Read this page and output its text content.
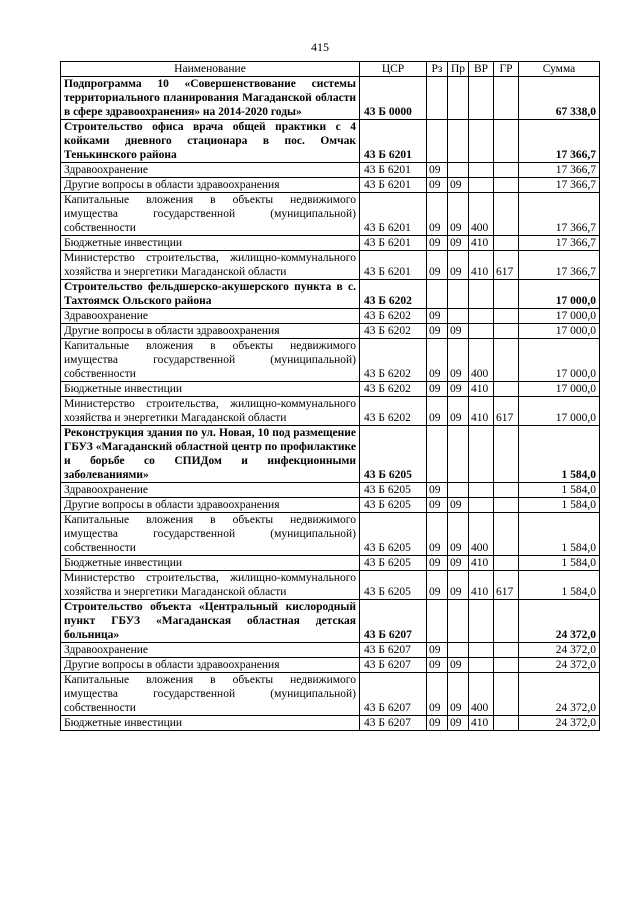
415
Наименование	ЦСР	Рз	Пр	ВР	ГР	Сумма
Подпрограмма 10 «Совершенствование системы территориального планирования Магаданской области в сфере здравоохранения» на 2014-2020 годы»	43 Б 0000					67 338,0
Строительство офиса врача общей практики с 4 койками дневного стационара в пос. Омчак Тенькинского района	43 Б 6201					17 366,7
Здравоохранение	43 Б 6201	09				17 366,7
Другие вопросы в области здравоохранения	43 Б 6201	09	09			17 366,7
Капитальные вложения в объекты недвижимого имущества государственной (муниципальной) собственности	43 Б 6201	09	09	400		17 366,7
Бюджетные инвестиции	43 Б 6201	09	09	410		17 366,7
Министерство строительства, жилищно-коммунального хозяйства и энергетики Магаданской области	43 Б 6201	09	09	410	617	17 366,7
Строительство фельдшерско-акушерского пункта в с. Тахтоямск Ольского района	43 Б 6202					17 000,0
Здравоохранение	43 Б 6202	09				17 000,0
Другие вопросы в области здравоохранения	43 Б 6202	09	09			17 000,0
Капитальные вложения в объекты недвижимого имущества государственной (муниципальной) собственности	43 Б 6202	09	09	400		17 000,0
Бюджетные инвестиции	43 Б 6202	09	09	410		17 000,0
Министерство строительства, жилищно-коммунального хозяйства и энергетики Магаданской области	43 Б 6202	09	09	410	617	17 000,0
Реконструкция здания по ул. Новая, 10 под размещение ГБУЗ «Магаданский областной центр по профилактике и борьбе со СПИДом и инфекционными заболеваниями»	43 Б 6205					1 584,0
Здравоохранение	43 Б 6205	09				1 584,0
Другие вопросы в области здравоохранения	43 Б 6205	09	09			1 584,0
Капитальные вложения в объекты недвижимого имущества государственной (муниципальной) собственности	43 Б 6205	09	09	400		1 584,0
Бюджетные инвестиции	43 Б 6205	09	09	410		1 584,0
Министерство строительства, жилищно-коммунального хозяйства и энергетики Магаданской области	43 Б 6205	09	09	410	617	1 584,0
Строительство объекта «Центральный кислородный пункт ГБУЗ «Магаданская областная детская больница»	43 Б 6207					24 372,0
Здравоохранение	43 Б 6207	09				24 372,0
Другие вопросы в области здравоохранения	43 Б 6207	09	09			24 372,0
Капитальные вложения в объекты недвижимого имущества государственной (муниципальной) собственности	43 Б 6207	09	09	400		24 372,0
Бюджетные инвестиции	43 Б 6207	09	09	410		24 372,0
